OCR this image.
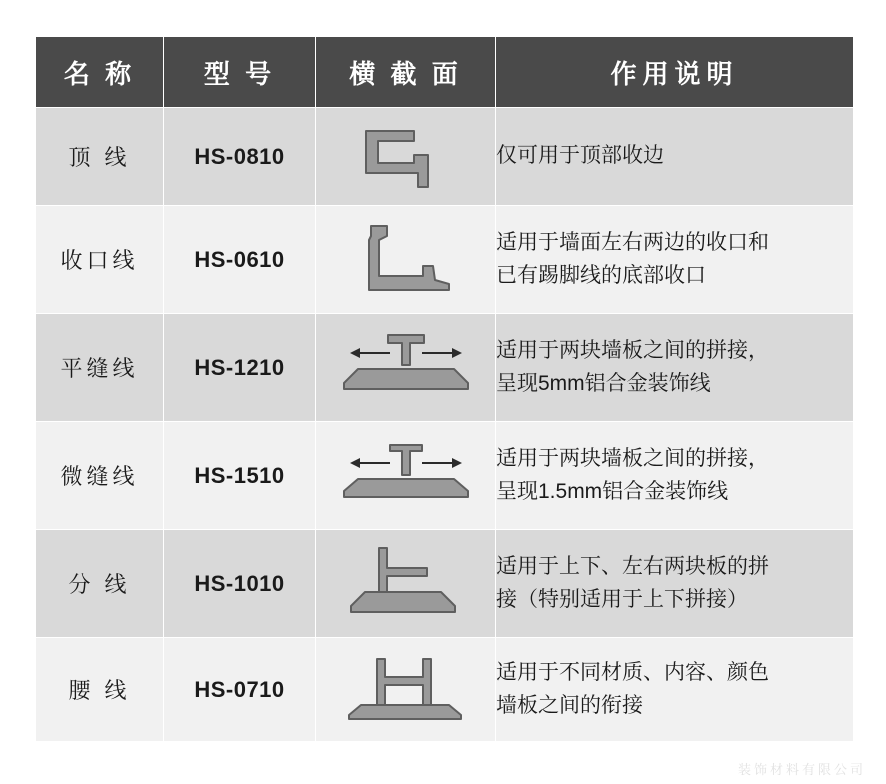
名 称	型 号	横 截 面	作用说明
顶 线	HS-0810		仅可用于顶部收边

收口线	HS-0610		适用于墙面左右两边的收口和
已有踢脚线的底部收口

平缝线	HS-1210		适用于两块墙板之间的拼接，
呈现5mm铝合金装饰线

微缝线	HS-1510		适用于两块墙板之间的拼接，
呈现1.5mm铝合金装饰线

分 线	HS-1010		适用于上下、左右两块板的拼
接（特别适用于上下拼接）

腰 线	HS-0710		适用于不同材质、内容、颜色
墙板之间的衔接
装饰材料有限公司
